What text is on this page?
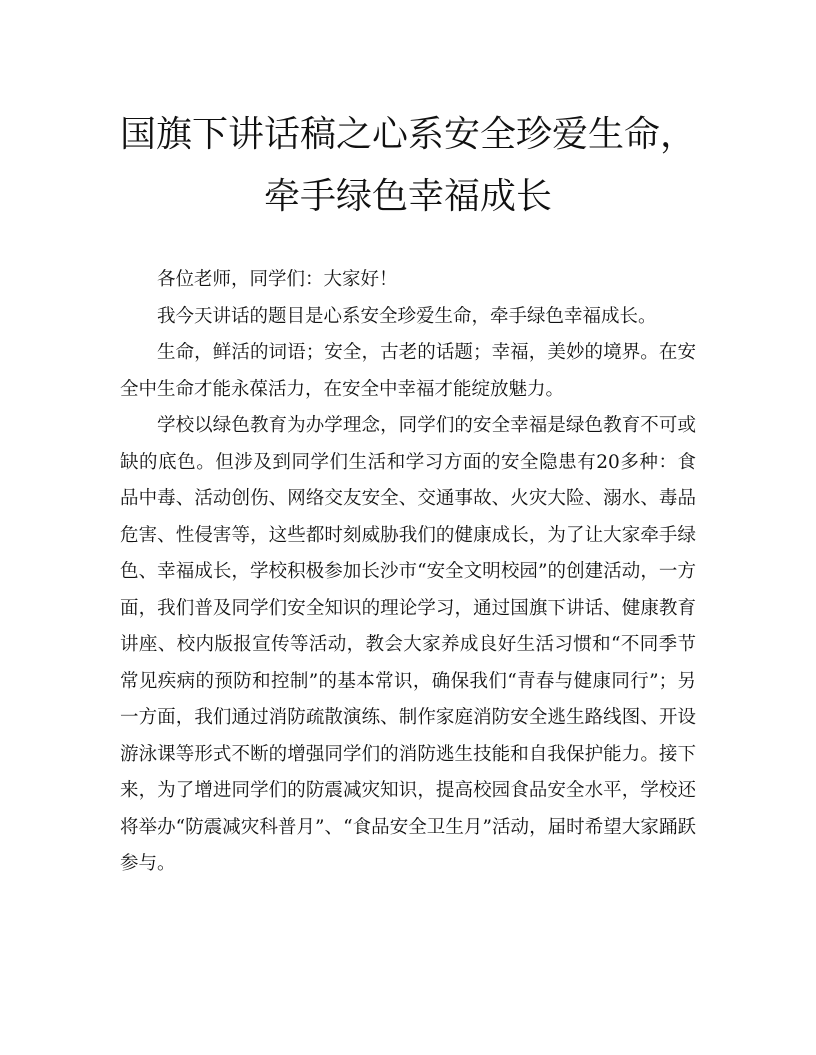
国旗下讲话稿之心系安全珍爱生命，牵手绿色幸福成长

各位老师，同学们：大家好！

我今天讲话的题目是心系安全珍爱生命，牵手绿色幸福成长。

生命，鲜活的词语；安全，古老的话题；幸福，美妙的境界。在安全中生命才能永葆活力，在安全中幸福才能绽放魅力。

学校以绿色教育为办学理念，同学们的安全幸福是绿色教育不可或缺的底色。但涉及到同学们生活和学习方面的安全隐患有20多种：食品中毒、活动创伤、网络交友安全、交通事故、火灾大险、溺水、毒品危害、性侵害等，这些都时刻威胁我们的健康成长，为了让大家牵手绿色、幸福成长，学校积极参加长沙市“安全文明校园”的创建活动，一方面，我们普及同学们安全知识的理论学习，通过国旗下讲话、健康教育讲座、校内版报宣传等活动，教会大家养成良好生活习惯和“不同季节常见疾病的预防和控制”的基本常识，确保我们“青春与健康同行”；另一方面，我们通过消防疏散演练、制作家庭消防安全逃生路线图、开设游泳课等形式不断的增强同学们的消防逃生技能和自我保护能力。接下来，为了增进同学们的防震减灾知识，提高校园食品安全水平，学校还将举办“防震减灾科普月”、“食品安全卫生月”活动，届时希望大家踊跃参与。
